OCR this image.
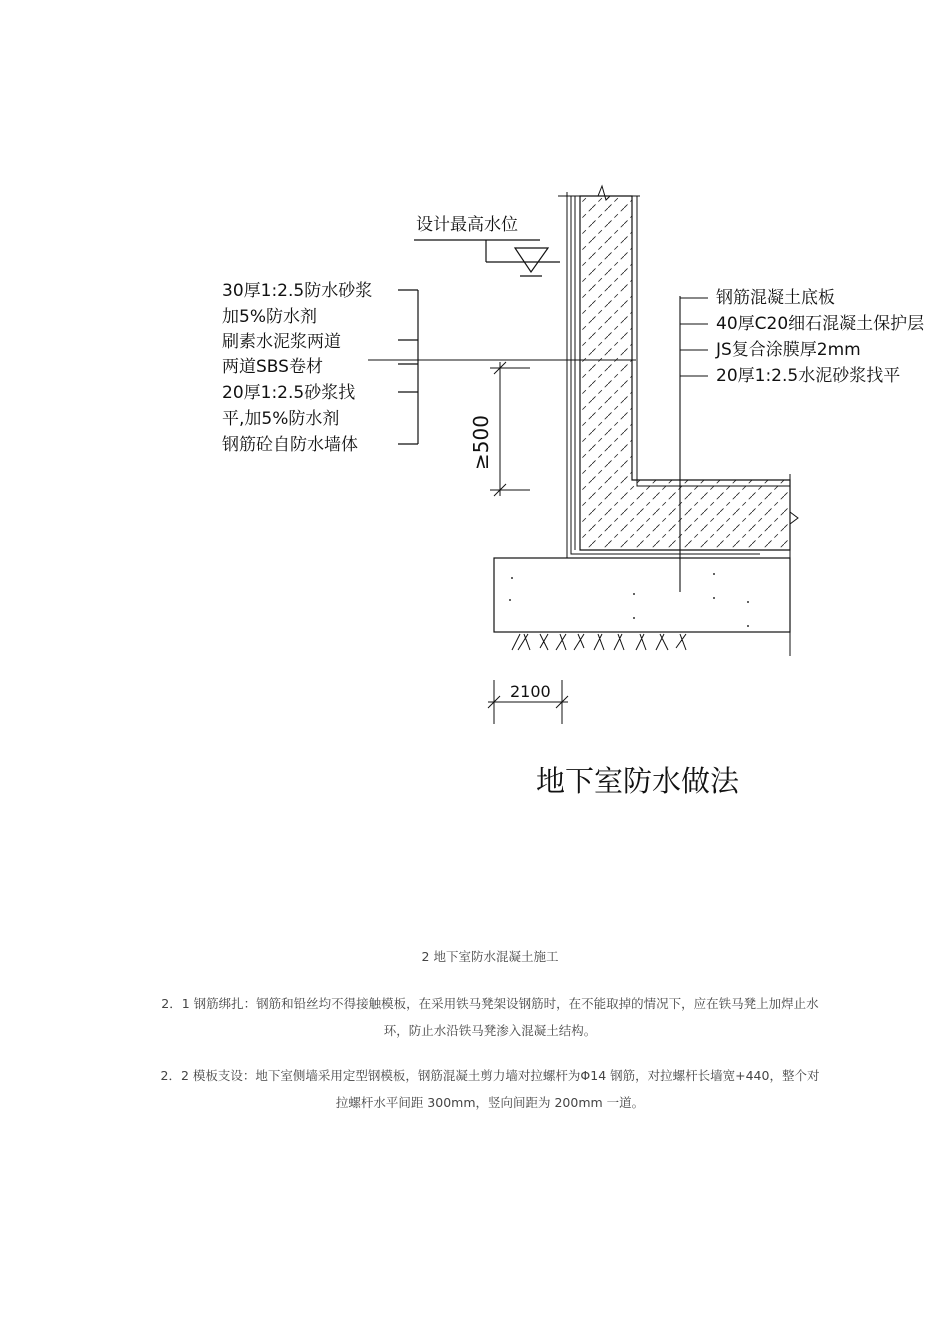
设计最高水位
30厚1:2.5防水砂浆
加5%防水剂
刷素水泥浆两道
两道SBS卷材
20厚1:2.5砂浆找
平,加5%防水剂
钢筋砼自防水墙体
钢筋混凝土底板
40厚C20细石混凝土保护层
JS复合涂膜厚2mm
20厚1:2.5水泥砂浆找平
≥500
2100
地下室防水做法
2 地下室防水混凝土施工
2．1 钢筋绑扎：钢筋和铅丝均不得接触模板，在采用铁马凳架设钢筋时，在不能取掉的情况下，应在铁马凳上加焊止水环，防止水沿铁马凳渗入混凝土结构。
2．2 模板支设：地下室侧墙采用定型钢模板，钢筋混凝土剪力墙对拉螺杆为Φ14 钢筋，对拉螺杆长墙宽+440，整个对拉螺杆水平间距 300mm，竖向间距为 200mm 一道。
